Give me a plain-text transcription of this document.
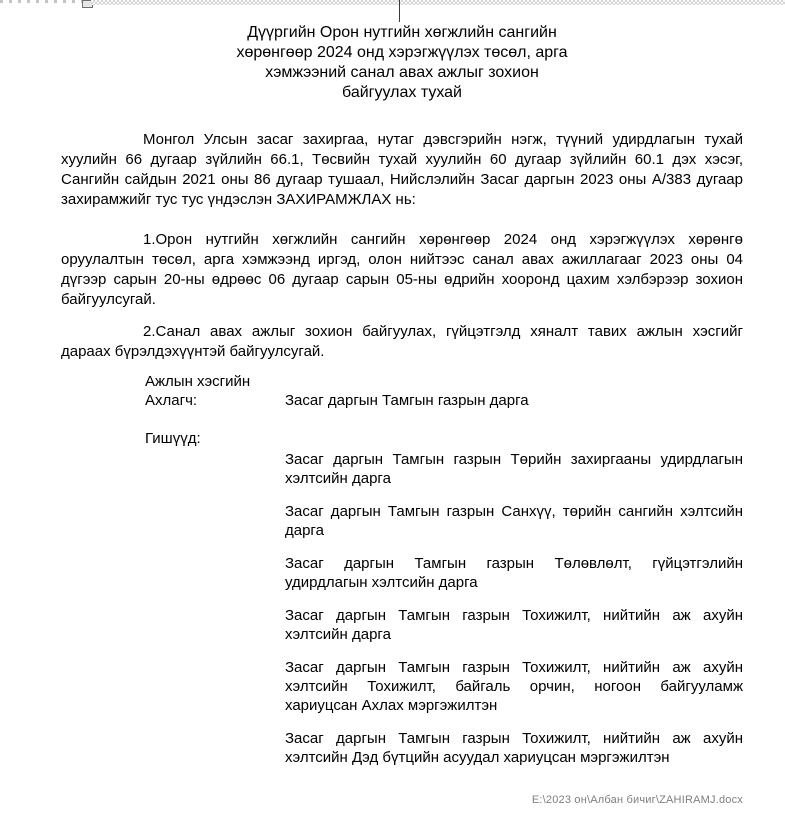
Дүүргийн Орон нутгийн хөгжлийн сангийн
хөрөнгөөр 2024 онд хэрэгжүүлэх төсөл, арга
хэмжээний санал авах ажлыг зохион
байгуулах тухай

Монгол Улсын засаг захиргаа, нутаг дэвсгэрийн нэгж, түүний удирдлагын тухай хуулийн 66 дугаар зүйлийн 66.1, Төсвийн тухай хуулийн 60 дугаар зүйлийн 60.1 дэх хэсэг, Сангийн сайдын 2021 оны 86 дугаар тушаал, Нийслэлийн Засаг даргын 2023 оны А/383 дугаар захирамжийг тус тус үндэслэн ЗАХИРАМЖЛАХ нь:

1.Орон нутгийн хөгжлийн сангийн хөрөнгөөр 2024 онд хэрэгжүүлэх хөрөнгө оруулалтын төсөл, арга хэмжээнд иргэд, олон нийтээс санал авах ажиллагааг 2023 оны 04 дүгээр сарын 20-ны өдрөөс 06 дугаар сарын 05-ны өдрийн хооронд цахим хэлбэрээр зохион байгуулсугай.

2.Санал авах ажлыг зохион байгуулах, гүйцэтгэлд хяналт тавих ажлын хэсгийг дараах бүрэлдэхүүнтэй байгуулсугай.

Ажлын хэсгийн
Ахлагч:	Засаг даргын Тамгын газрын дарга
Гишүүд:

Засаг даргын Тамгын газрын Төрийн захиргааны удирдлагын хэлтсийн дарга

Засаг даргын Тамгын газрын Санхүү, төрийн сангийн хэлтсийн дарга

Засаг даргын Тамгын газрын Төлөвлөлт, гүйцэтгэлийн удирдлагын хэлтсийн дарга

Засаг даргын Тамгын газрын Тохижилт, нийтийн аж ахуйн хэлтсийн дарга

Засаг даргын Тамгын газрын Тохижилт, нийтийн аж ахуйн хэлтсийн Тохижилт, байгаль орчин, ногоон байгууламж хариуцсан Ахлах мэргэжилтэн

Засаг даргын Тамгын газрын Тохижилт, нийтийн аж ахуйн хэлтсийн Дэд бүтцийн асуудал хариуцсан мэргэжилтэн

E:\2023 он\Албан бичиг\ZAHIRAMJ.docx
